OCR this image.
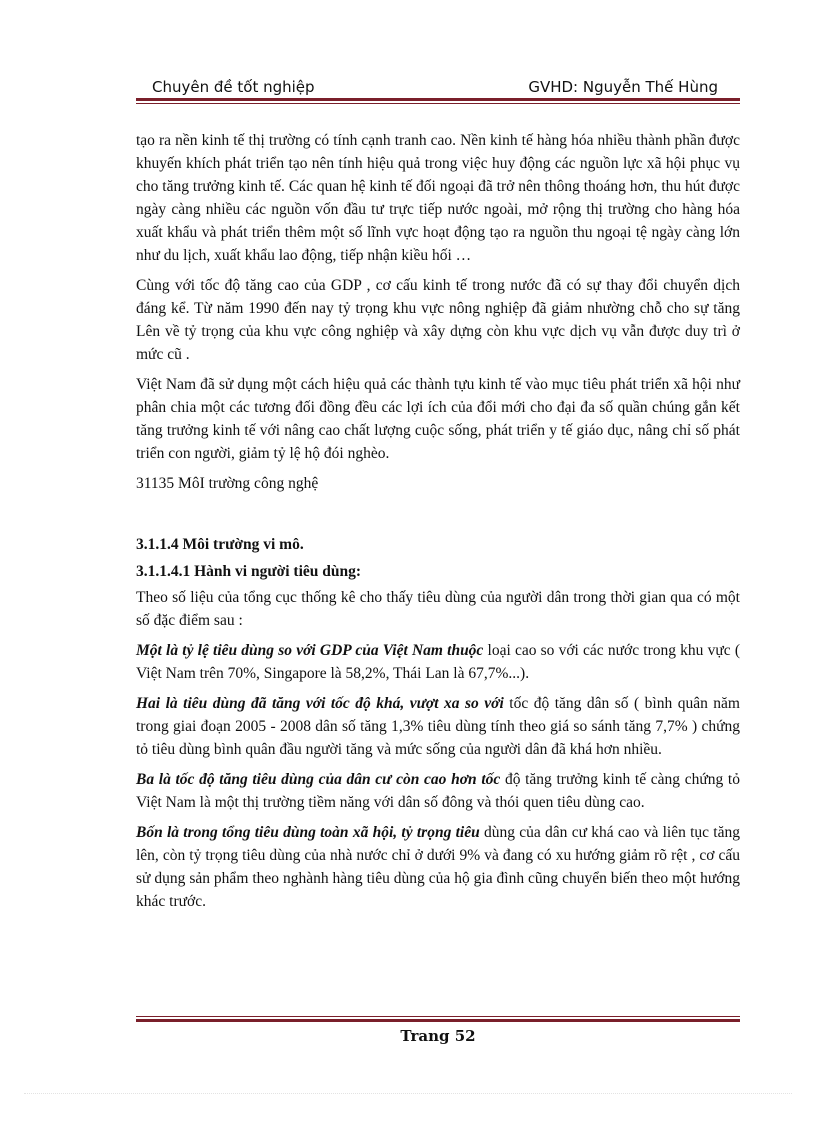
Chuyên đề tốt nghiệp	GVHD: Nguyễn Thế Hùng

tạo ra nền kinh tế thị trường có tính cạnh tranh cao. Nền kinh tế hàng hóa nhiều thành phần được khuyến khích phát triển tạo nên tính hiệu quả trong việc huy động các nguồn lực xã hội phục vụ cho tăng trưởng kinh tế. Các quan hệ kinh tế đối ngoại đã trở nên thông thoáng hơn, thu hút được ngày càng nhiều các nguồn vốn đầu tư trực tiếp nước ngoài, mở rộng thị trường cho hàng hóa xuất khẩu và phát triển thêm một số lĩnh vực hoạt động tạo ra nguồn thu ngoại tệ ngày càng lớn như du lịch, xuất khẩu lao động, tiếp nhận kiều hối …

Cùng với tốc độ tăng cao của GDP , cơ cấu kinh tế trong nước đã có sự thay đổi chuyển dịch đáng kể. Từ năm 1990 đến nay tỷ trọng khu vực nông nghiệp đã giảm nhường chỗ cho sự tăng Lên về tỷ trọng của khu vực công nghiệp và xây dựng còn khu vực dịch vụ vẫn được duy trì ở mức cũ .

Việt Nam đã sử dụng một cách hiệu quả các thành tựu kinh tế vào mục tiêu phát triển xã hội như phân chia một các tương đối đồng đều các lợi ích của đổi mới cho đại đa số quần chúng gắn kết tăng trưởng kinh tế với nâng cao chất lượng cuộc sống, phát triển y tế giáo dục, nâng chỉ số phát triển con người, giảm tỷ lệ hộ đói nghèo.

31135 MôI trường công nghệ

3.1.1.4 Môi trường vi mô.
3.1.1.4.1 Hành vi người tiêu dùng:

Theo số liệu của tổng cục thống kê cho thấy tiêu dùng của người dân trong thời gian qua có một số đặc điểm sau :

Một là tỷ lệ tiêu dùng so với GDP của Việt Nam thuộc loại cao so với các nước trong khu vực ( Việt Nam trên 70%, Singapore là 58,2%, Thái Lan là 67,7%...).

Hai là tiêu dùng đã tăng với tốc độ khá, vượt xa so với tốc độ tăng dân số ( bình quân năm trong giai đoạn 2005 - 2008 dân số tăng 1,3% tiêu dùng tính theo giá so sánh tăng 7,7% ) chứng tỏ tiêu dùng bình quân đầu người tăng và mức sống của người dân đã khá hơn nhiều.

Ba là tốc độ tăng tiêu dùng của dân cư còn cao hơn tốc độ tăng trưởng kinh tế càng chứng tỏ Việt Nam là một thị trường tiềm năng với dân số đông và thói quen tiêu dùng cao.

Bốn là trong tổng tiêu dùng toàn xã hội, tỷ trọng tiêu dùng của dân cư khá cao và liên tục tăng lên, còn tỷ trọng tiêu dùng của nhà nước chỉ ở dưới 9% và đang có xu hướng giảm rõ rệt , cơ cấu sử dụng sản phẩm theo nghành hàng tiêu dùng của hộ gia đình cũng chuyển biến theo một hướng khác trước.

Trang 52
